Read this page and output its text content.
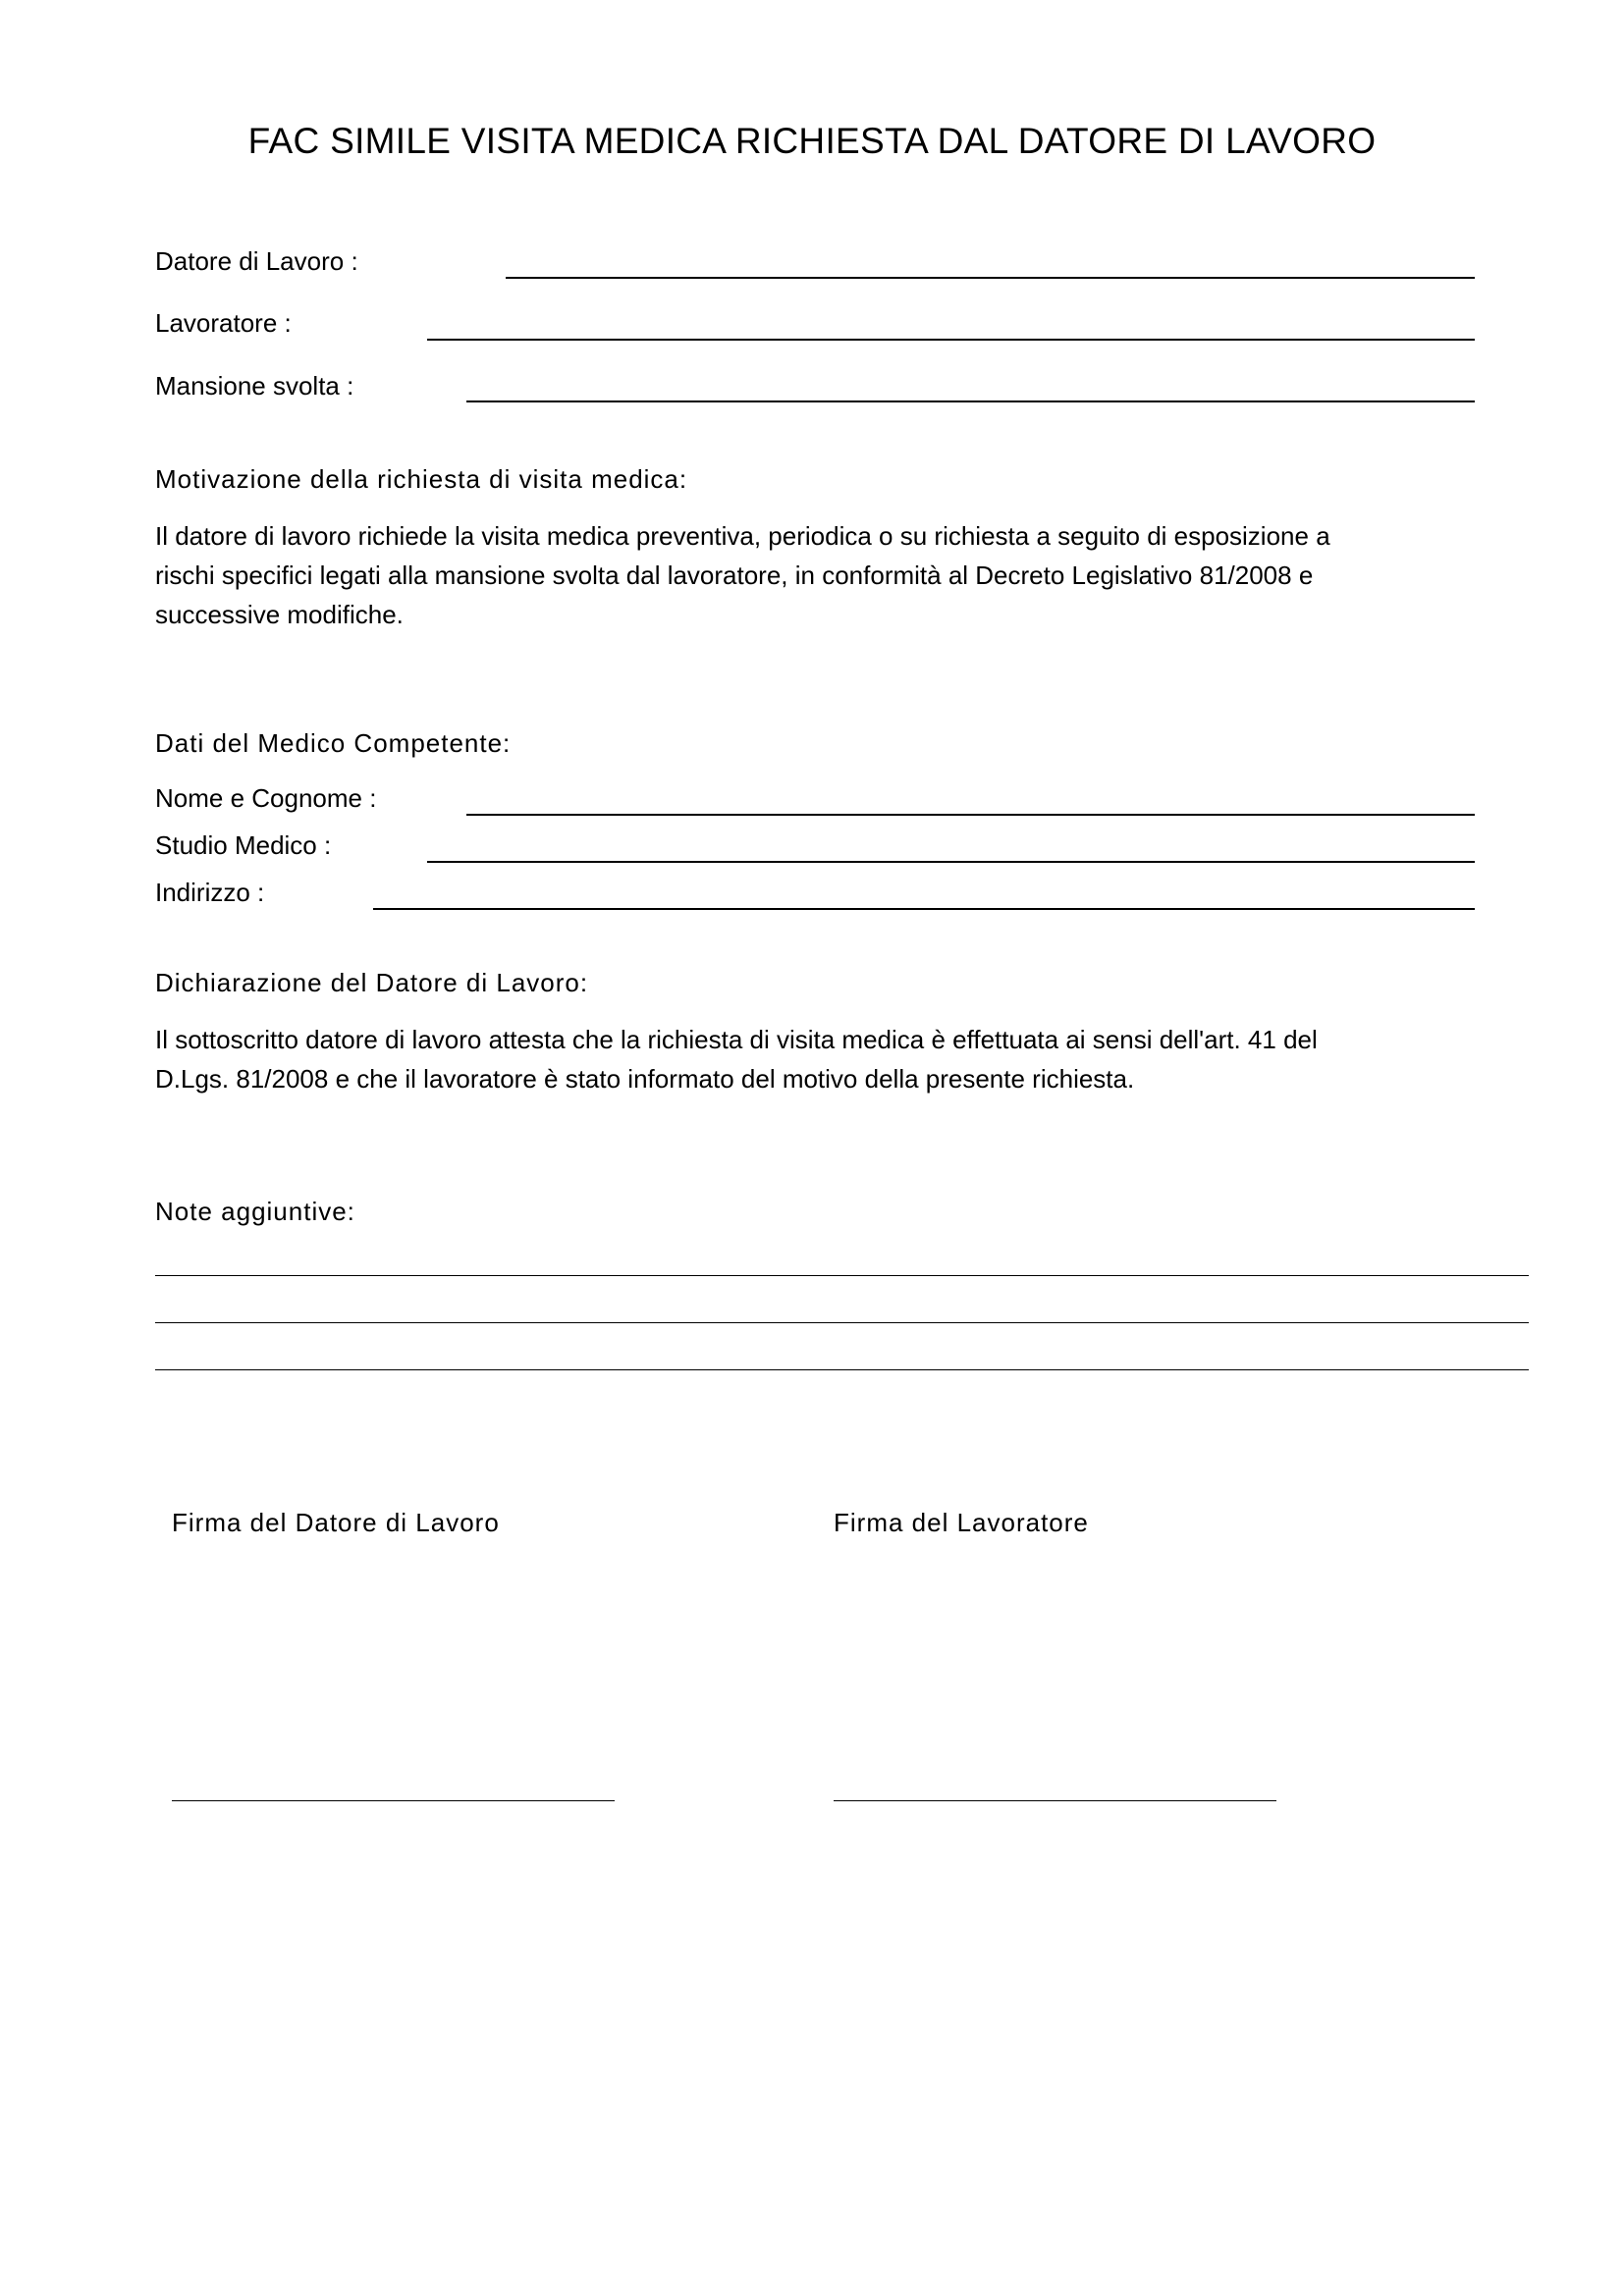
FAC SIMILE VISITA MEDICA RICHIESTA DAL DATORE DI LAVORO
Datore di Lavoro :
Lavoratore :
Mansione svolta :
Motivazione della richiesta di visita medica:
Il datore di lavoro richiede la visita medica preventiva, periodica o su richiesta a seguito di esposizione a
rischi specifici legati alla mansione svolta dal lavoratore, in conformità al Decreto Legislativo 81/2008 e
successive modifiche.
Dati del Medico Competente:
Nome e Cognome :
Studio Medico :
Indirizzo :
Dichiarazione del Datore di Lavoro:
Il sottoscritto datore di lavoro attesta che la richiesta di visita medica è effettuata ai sensi dell'art. 41 del
D.Lgs. 81/2008 e che il lavoratore è stato informato del motivo della presente richiesta.
Note aggiuntive:
Firma del Datore di Lavoro	Firma del Lavoratore
